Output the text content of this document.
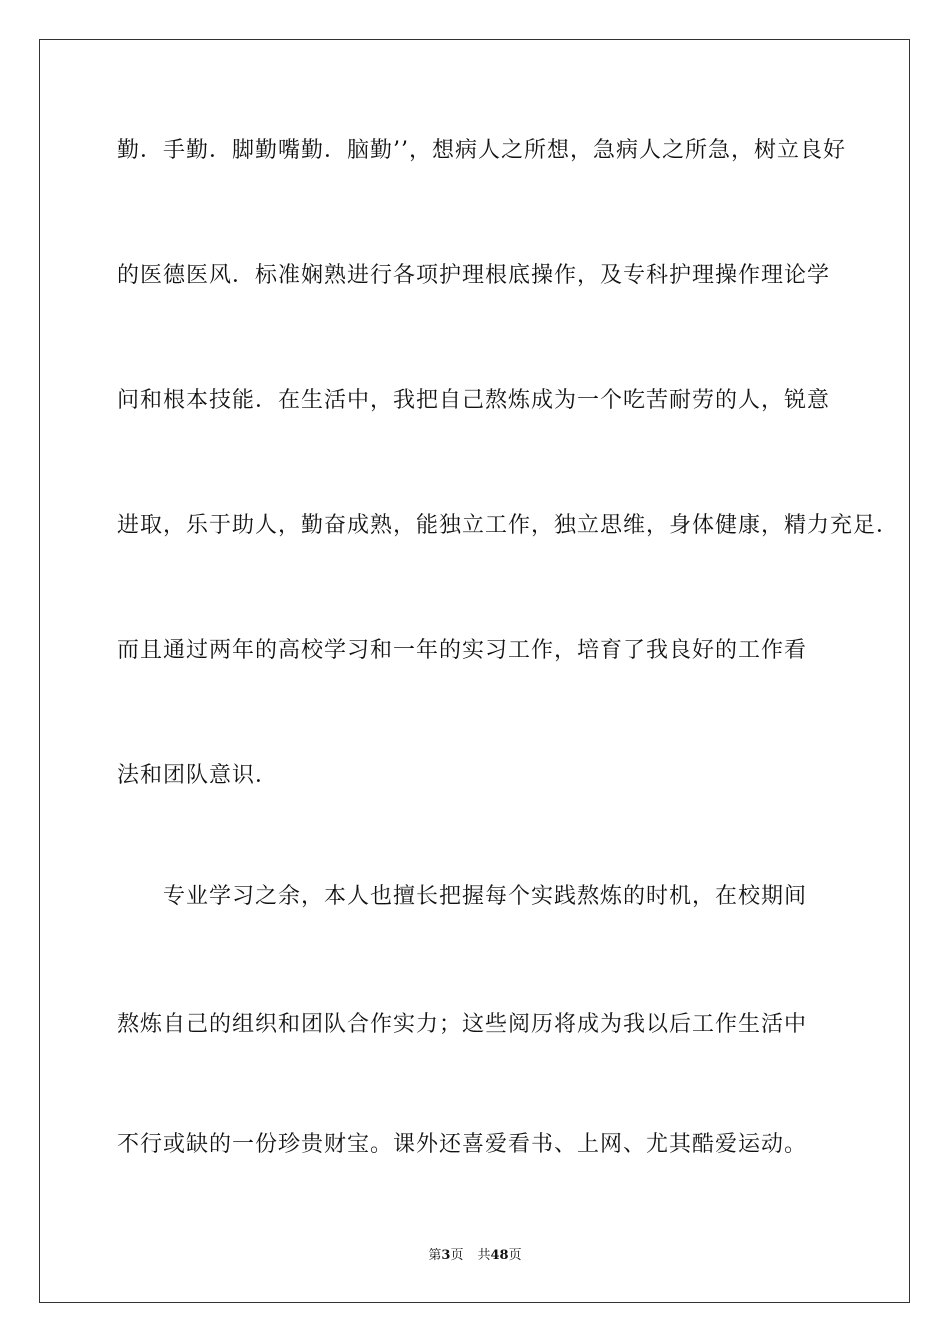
勤．手勤．脚勤嘴勤．脑勤’’，想病人之所想，急病人之所急，树立良好
的医德医风．标准娴熟进行各项护理根底操作，及专科护理操作理论学
问和根本技能．在生活中，我把自己熬炼成为一个吃苦耐劳的人，锐意
进取，乐于助人，勤奋成熟，能独立工作，独立思维，身体健康，精力充足．
而且通过两年的高校学习和一年的实习工作，培育了我良好的工作看
法和团队意识．
专业学习之余，本人也擅长把握每个实践熬炼的时机，在校期间
熬炼自己的组织和团队合作实力；这些阅历将成为我以后工作生活中
不行或缺的一份珍贵财宝。课外还喜爱看书、上网、尤其酷爱运动。
第3页 共48页
